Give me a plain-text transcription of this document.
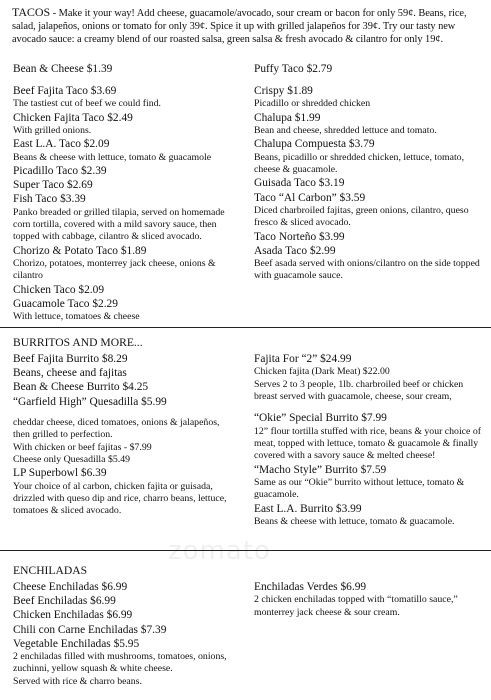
TACOS - Make it your way! Add cheese, guacamole/avocado, sour cream or bacon for only 59¢. Beans, rice, salad, jalapeños, onions or tomato for only 39¢. Spice it up with grilled jalapeños for 39¢. Try our tasty new avocado sauce: a creamy blend of our roasted salsa, green salsa & fresh avocado & cilantro for only 19¢.
Bean & Cheese $1.39
Beef Fajita Taco $3.69
The tastiest cut of beef we could find.
Chicken Fajita Taco $2.49
With grilled onions.
East L.A. Taco $2.09
Beans & cheese with lettuce, tomato & guacamole
Picadillo Taco $2.39
Super Taco $2.69
Fish Taco $3.39
Panko breaded or grilled tilapia, served on homemade corn tortilla, covered with a mild savory sauce, then topped with cabbage, cilantro & sliced avocado.
Chorizo & Potato Taco $1.89
Chorizo, potatoes, monterrey jack cheese, onions & cilantro
Chicken Taco $2.09
Guacamole Taco $2.29
With lettuce, tomatoes & cheese
Puffy Taco $2.79
Crispy $1.89
Picadillo or shredded chicken
Chalupa $1.99
Bean and cheese, shredded lettuce and tomato.
Chalupa Compuesta $3.79
Beans, picadillo or shredded chicken, lettuce, tomato, cheese & guacamole.
Guisada Taco $3.19
Taco “Al Carbon” $3.59
Diced charbroiled fajitas, green onions, cilantro, queso fresco & sliced avocado.
Taco Norteño $3.99
Asada Taco $2.99
Beef asada served with onions/cilantro on the side topped with guacamole sauce.
BURRITOS AND MORE...
Beef Fajita Burrito $8.29
Beans, cheese and fajitas
Bean & Cheese Burrito $4.25
“Garfield High” Quesadilla $5.99
cheddar cheese, diced tomatoes, onions & jalapeños, then grilled to perfection.
With chicken or beef fajitas - $7.99
Cheese only Quesadilla $5.49
LP Superbowl $6.39
Your choice of al carbon, chicken fajita or guisada, drizzled with queso dip and rice, charro beans, lettuce, tomatoes & sliced avocado.
Fajita For “2” $24.99
Chicken fajita (Dark Meat) $22.00
Serves 2 to 3 people, 1lb. charbroiled beef or chicken breast served with guacamole, cheese, sour cream,
“Okie” Special Burrito $7.99
12” flour tortilla stuffed with rice, beans & your choice of meat, topped with lettuce, tomato & guacamole & finally covered with a savory sauce & melted cheese!
“Macho Style” Burrito $7.59
Same as our “Okie” burrito without lettuce, tomato & guacamole.
East L.A. Burrito $3.99
Beans & cheese with lettuce, tomato & guacamole.
ENCHILADAS
Cheese Enchiladas $6.99
Beef Enchiladas $6.99
Chicken Enchiladas $6.99
Chili con Carne Enchiladas $7.39
Vegetable Enchiladas $5.95
2 enchiladas filled with mushrooms, tomatoes, onions, zuchinni, yellow squash & white cheese.
Served with rice & charro beans.
Enchiladas Verdes $6.99
2 chicken enchiladas topped with “tomatillo sauce,” monterrey jack cheese & sour cream.
zomato
